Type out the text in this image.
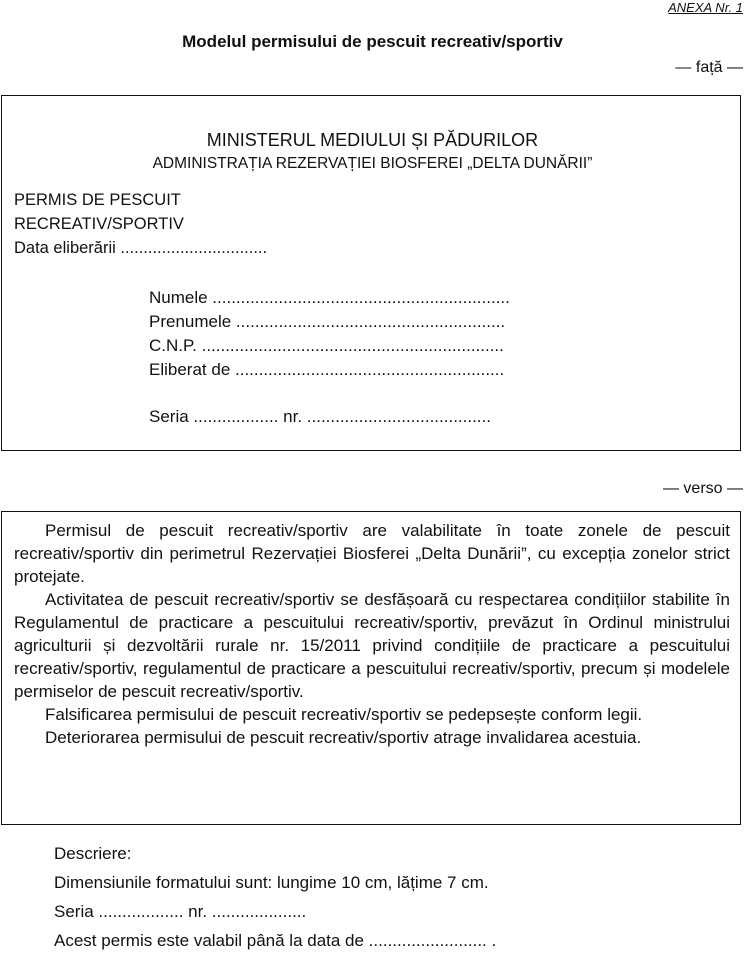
ANEXA Nr. 1
Modelul permisului de pescuit recreativ/sportiv
— față —
MINISTERUL MEDIULUI ȘI PĂDURILOR
ADMINISTRAȚIA REZERVAȚIEI BIOSFEREI „DELTA DUNĂRII”
PERMIS DE PESCUIT
RECREATIV/SPORTIV
Data eliberării ................................
Numele ...............................................................
Prenumele .........................................................
C.N.P. ................................................................
Eliberat de .........................................................
Seria .................. nr. .......................................
— verso —

Permisul de pescuit recreativ/sportiv are valabilitate în toate zonele de pescuit recreativ/sportiv din perimetrul Rezervației Biosferei „Delta Dunării”, cu excepția zonelor strict protejate.

Activitatea de pescuit recreativ/sportiv se desfășoară cu respectarea condițiilor stabilite în Regulamentul de practicare a pescuitului recreativ/sportiv, prevăzut în Ordinul ministrului agriculturii și dezvoltării rurale nr. 15/2011 privind condițiile de practicare a pescuitului recreativ/sportiv, regulamentul de practicare a pescuitului recreativ/sportiv, precum și modelele permiselor de pescuit recreativ/sportiv.

Falsificarea permisului de pescuit recreativ/sportiv se pedepsește conform legii.

Deteriorarea permisului de pescuit recreativ/sportiv atrage invalidarea acestuia.

Descriere:
Dimensiunile formatului sunt: lungime 10 cm, lățime 7 cm.
Seria .................. nr. ....................
Acest permis este valabil până la data de ......................... .
